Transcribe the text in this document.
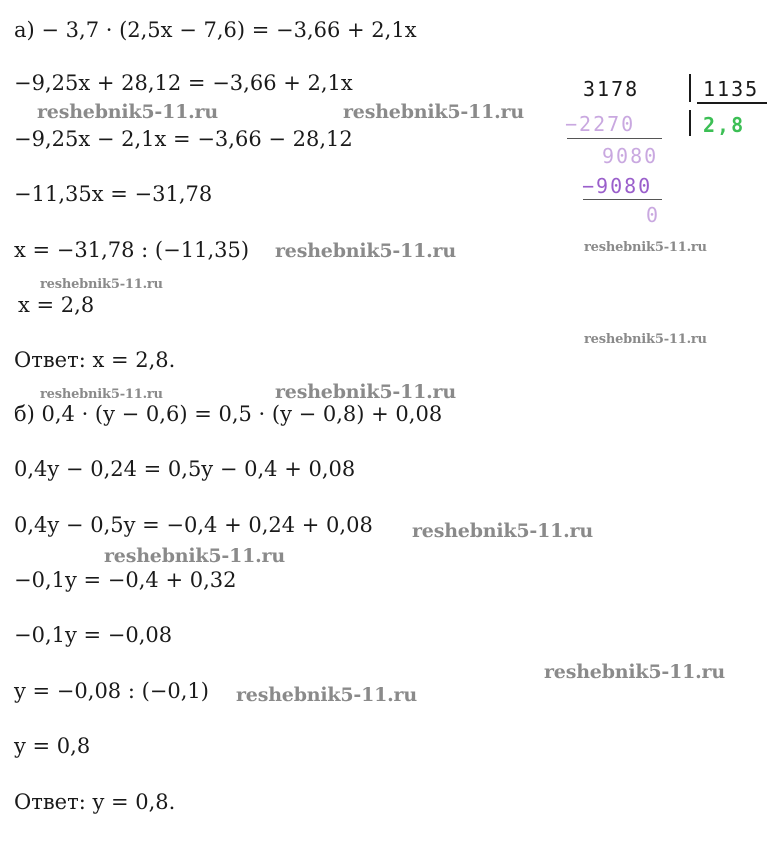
а) − 3,7 · (2,5x − 7,6) = −3,66 + 2,1x
−9,25x + 28,12 = −3,66 + 2,1x
−9,25x − 2,1x = −3,66 − 28,12
−11,35x = −31,78
x = −31,78 : (−11,35)
x = 2,8
Ответ: x = 2,8.
б) 0,4 · (y − 0,6) = 0,5 · (y − 0,8) + 0,08
0,4y − 0,24 = 0,5y − 0,4 + 0,08
0,4y − 0,5y = −0,4 + 0,24 + 0,08
−0,1y = −0,4 + 0,32
−0,1y = −0,08
y = −0,08 : (−0,1)
y = 0,8
Ответ: y = 0,8.
3178	1135
2,8
−2270
9080
−9080
0
reshebnik5-11.ru	reshebnik5-11.ru
reshebnik5-11.ru	reshebnik5-11.ru
reshebnik5-11.ru
reshebnik5-11.ru
reshebnik5-11.ru	reshebnik5-11.ru
reshebnik5-11.ru
reshebnik5-11.ru
reshebnik5-11.ru
reshebnik5-11.ru
